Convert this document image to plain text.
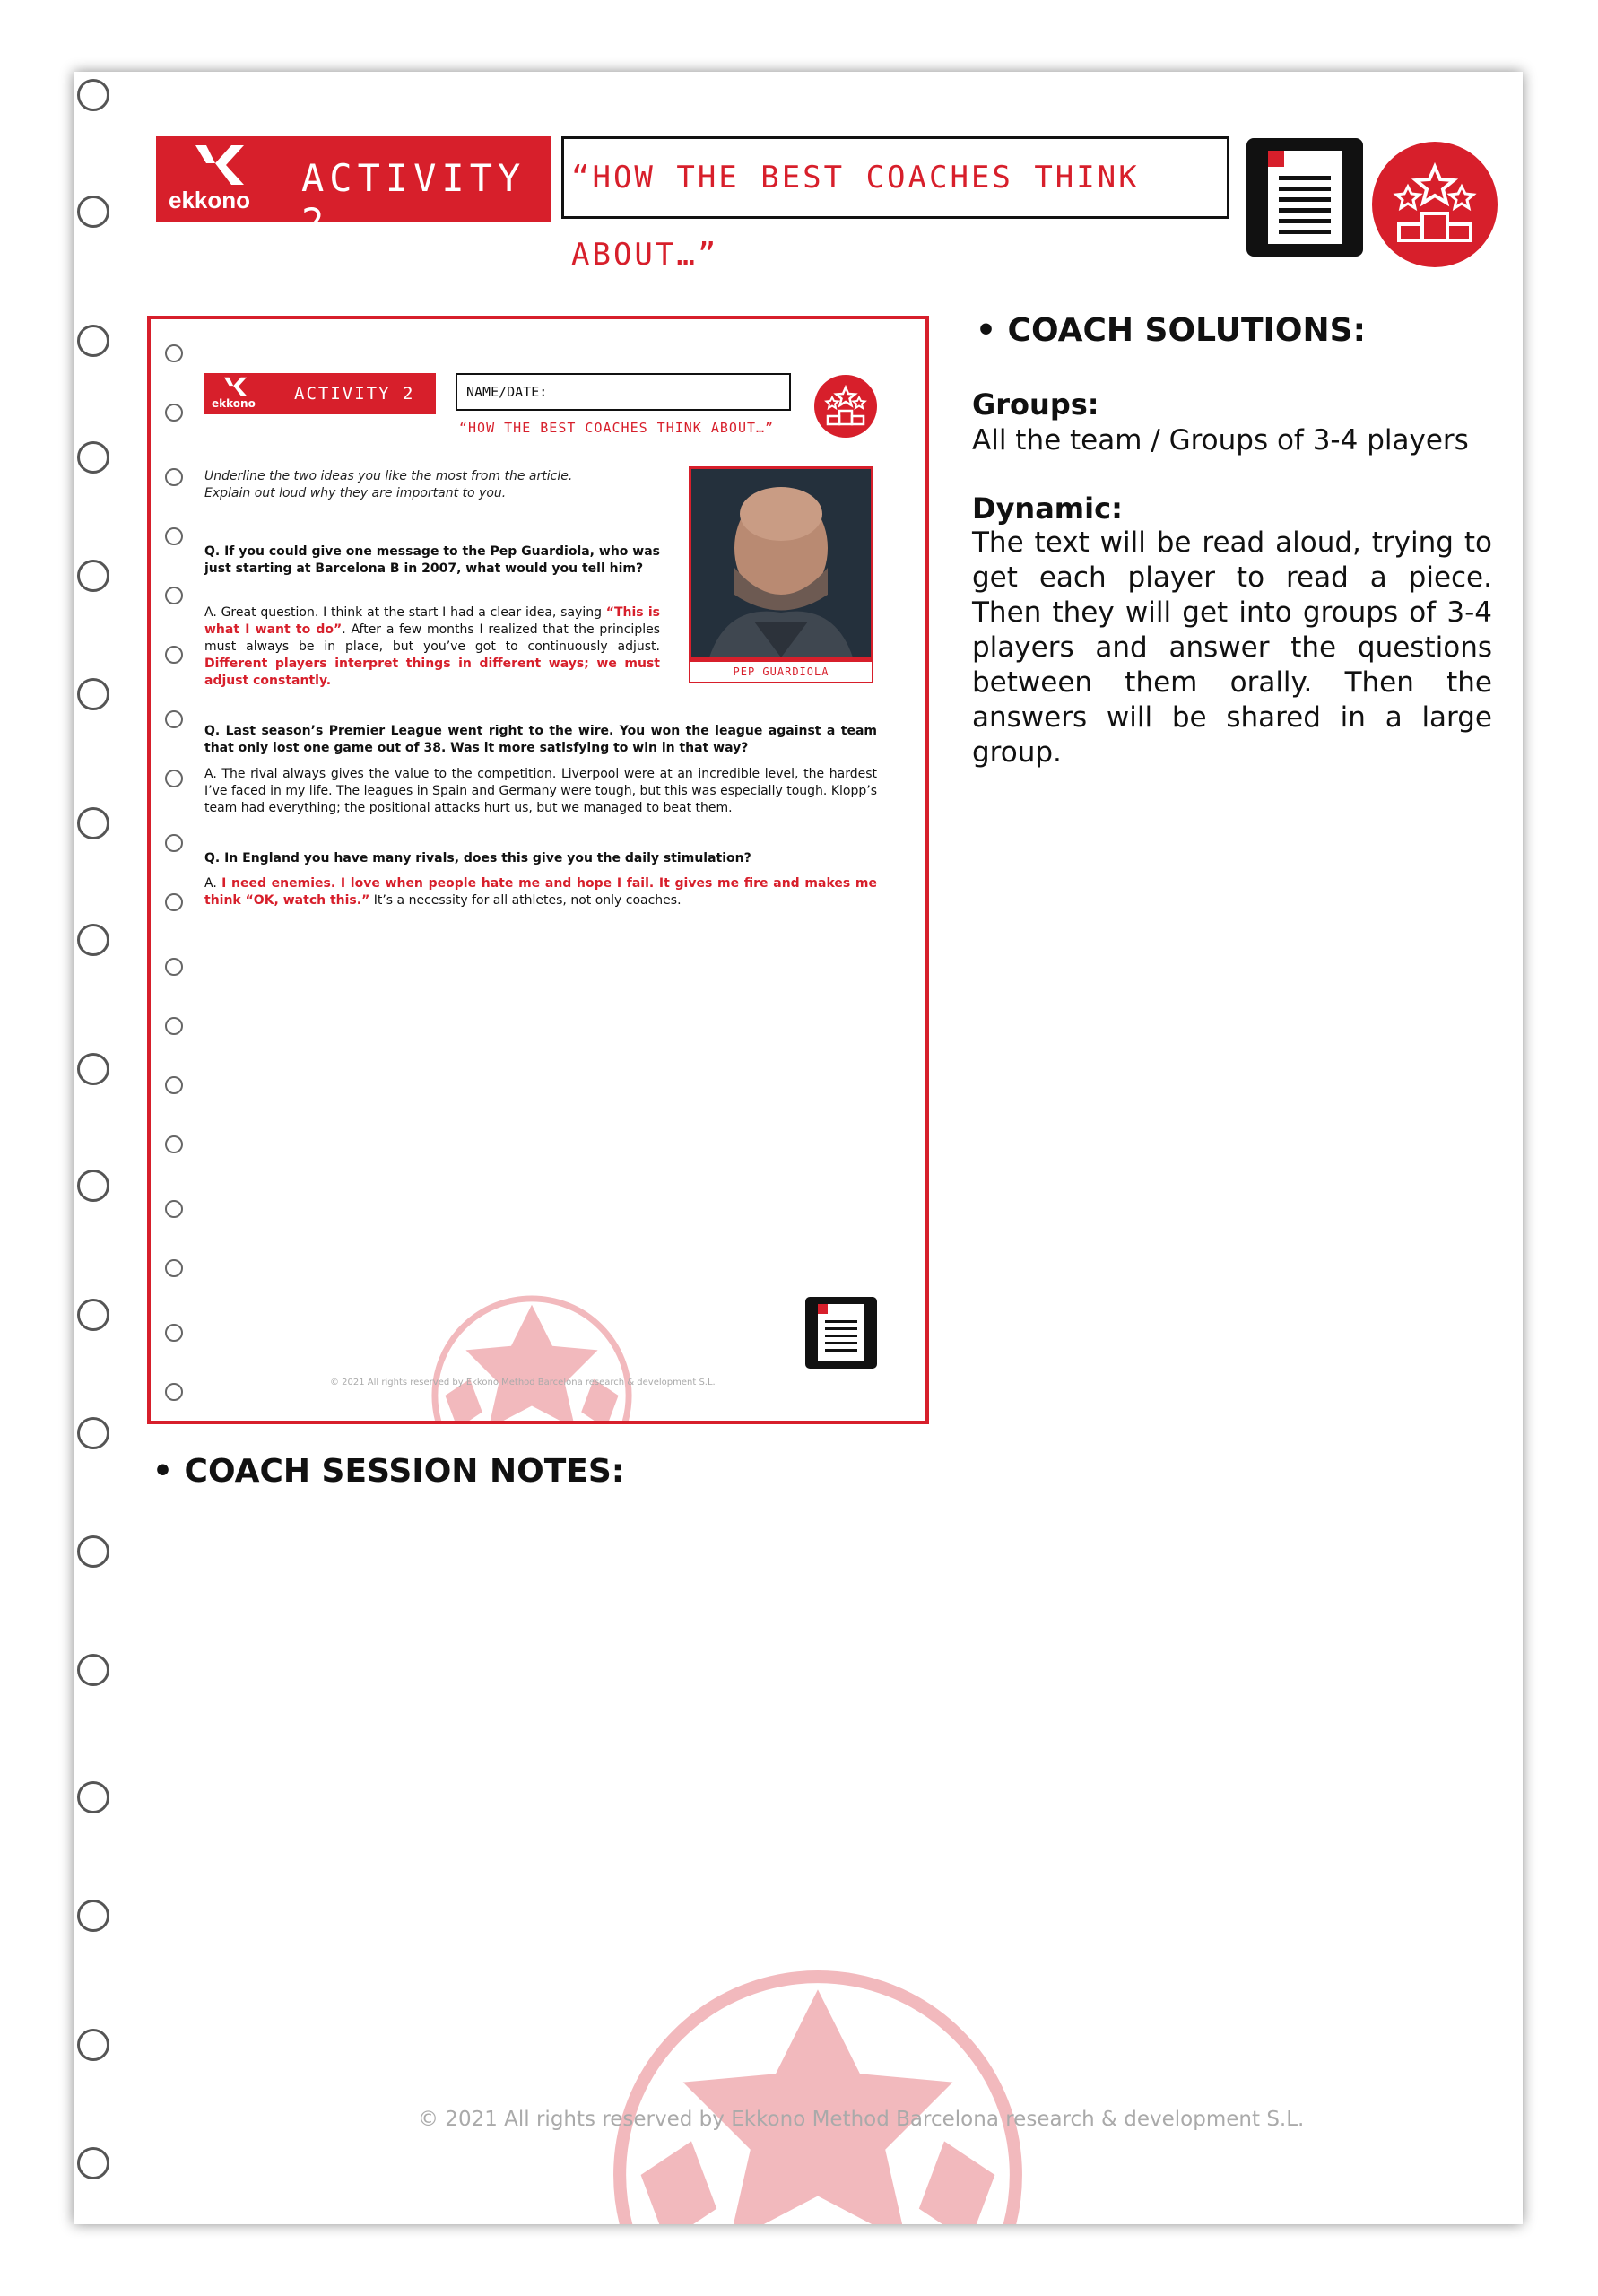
ekkono ACTIVITY 2
“HOW THE BEST COACHES THINK ABOUT…”
ekkono ACTIVITY 2	NAME/DATE:
“HOW THE BEST COACHES THINK ABOUT…”
Underline the two ideas you like the most from the article.
Explain out loud why they are important to you.
PEP GUARDIOLA
Q. If you could give one message to the Pep Guardiola, who was just starting at Barcelona B in 2007, what would you tell him?
A. Great question. I think at the start I had a clear idea, saying “This is what I want to do”. After a few months I realized that the principles must always be in place, but you’ve got to continuously adjust. Different players interpret things in different ways; we must adjust constantly.
Q. Last season’s Premier League went right to the wire. You won the league against a team that only lost one game out of 38. Was it more satisfying to win in that way?
A. The rival always gives the value to the competition. Liverpool were at an incredible level, the hardest I’ve faced in my life. The leagues in Spain and Germany were tough, but this was especially tough. Klopp’s team had everything; the positional attacks hurt us, but we managed to beat them.
Q. In England you have many rivals, does this give you the daily stimulation?
A. I need enemies. I love when people hate me and hope I fail. It gives me fire and makes me think “OK, watch this.” It’s a necessity for all athletes, not only coaches.
© 2021 All rights reserved by Ekkono Method Barcelona research & development S.L.
• COACH SOLUTIONS:
Groups:
All the team / Groups of 3-4 players
Dynamic:
The text will be read aloud, trying to get each player to read a piece. Then they will get into groups of 3-4 players and answer the questions between them orally. Then the answers will be shared in a large group.
• COACH SESSION NOTES:
© 2021 All rights reserved by Ekkono Method Barcelona research & development S.L.
